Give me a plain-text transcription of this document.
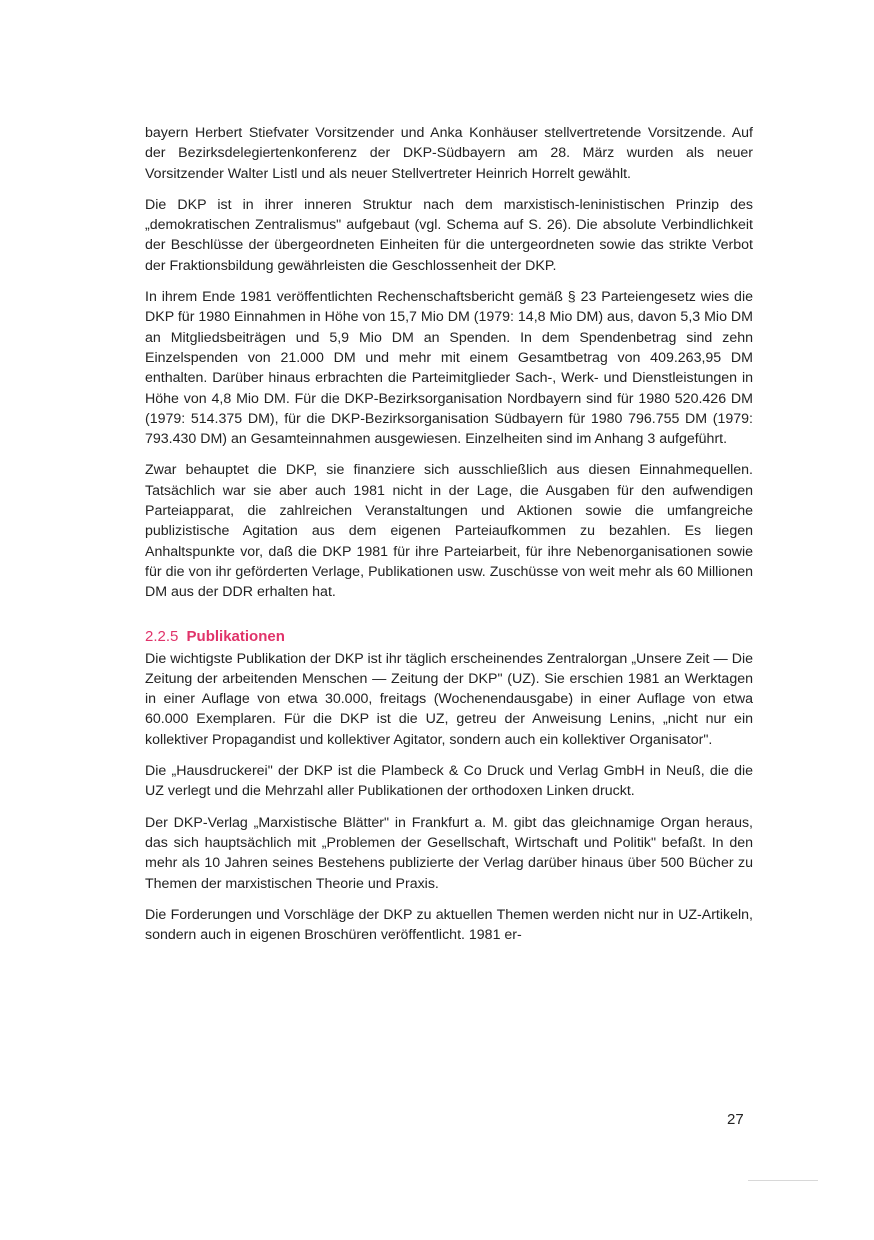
bayern Herbert Stiefvater Vorsitzender und Anka Konhäuser stellvertretende Vorsitzende. Auf der Bezirksdelegiertenkonferenz der DKP-Südbayern am 28. März wurden als neuer Vorsitzender Walter Listl und als neuer Stellvertreter Heinrich Horrelt gewählt.

Die DKP ist in ihrer inneren Struktur nach dem marxistisch-leninistischen Prinzip des „demokratischen Zentralismus" aufgebaut (vgl. Schema auf S. 26). Die absolute Verbindlichkeit der Beschlüsse der übergeordneten Einheiten für die untergeordneten sowie das strikte Verbot der Fraktionsbildung gewährleisten die Geschlossenheit der DKP.

In ihrem Ende 1981 veröffentlichten Rechenschaftsbericht gemäß § 23 Parteiengesetz wies die DKP für 1980 Einnahmen in Höhe von 15,7 Mio DM (1979: 14,8 Mio DM) aus, davon 5,3 Mio DM an Mitgliedsbeiträgen und 5,9 Mio DM an Spenden. In dem Spendenbetrag sind zehn Einzelspenden von 21.000 DM und mehr mit einem Gesamtbetrag von 409.263,95 DM enthalten. Darüber hinaus erbrachten die Parteimitglieder Sach-, Werk- und Dienstleistungen in Höhe von 4,8 Mio DM. Für die DKP-Bezirksorganisation Nordbayern sind für 1980 520.426 DM (1979: 514.375 DM), für die DKP-Bezirksorganisation Südbayern für 1980 796.755 DM (1979: 793.430 DM) an Gesamteinnahmen ausgewiesen. Einzelheiten sind im Anhang 3 aufgeführt.

Zwar behauptet die DKP, sie finanziere sich ausschließlich aus diesen Einnahmequellen. Tatsächlich war sie aber auch 1981 nicht in der Lage, die Ausgaben für den aufwendigen Parteiapparat, die zahlreichen Veranstaltungen und Aktionen sowie die umfangreiche publizistische Agitation aus dem eigenen Parteiaufkommen zu bezahlen. Es liegen Anhaltspunkte vor, daß die DKP 1981 für ihre Parteiarbeit, für ihre Nebenorganisationen sowie für die von ihr geförderten Verlage, Publikationen usw. Zuschüsse von weit mehr als 60 Millionen DM aus der DDR erhalten hat.

2.2.5 Publikationen

Die wichtigste Publikation der DKP ist ihr täglich erscheinendes Zentralorgan „Unsere Zeit — Die Zeitung der arbeitenden Menschen — Zeitung der DKP" (UZ). Sie erschien 1981 an Werktagen in einer Auflage von etwa 30.000, freitags (Wochenendausgabe) in einer Auflage von etwa 60.000 Exemplaren. Für die DKP ist die UZ, getreu der Anweisung Lenins, „nicht nur ein kollektiver Propagandist und kollektiver Agitator, sondern auch ein kollektiver Organisator".

Die „Hausdruckerei" der DKP ist die Plambeck & Co Druck und Verlag GmbH in Neuß, die die UZ verlegt und die Mehrzahl aller Publikationen der orthodoxen Linken druckt.

Der DKP-Verlag „Marxistische Blätter" in Frankfurt a. M. gibt das gleichnamige Organ heraus, das sich hauptsächlich mit „Problemen der Gesellschaft, Wirtschaft und Politik" befaßt. In den mehr als 10 Jahren seines Bestehens publizierte der Verlag darüber hinaus über 500 Bücher zu Themen der marxistischen Theorie und Praxis.

Die Forderungen und Vorschläge der DKP zu aktuellen Themen werden nicht nur in UZ-Artikeln, sondern auch in eigenen Broschüren veröffentlicht. 1981 er-

27
